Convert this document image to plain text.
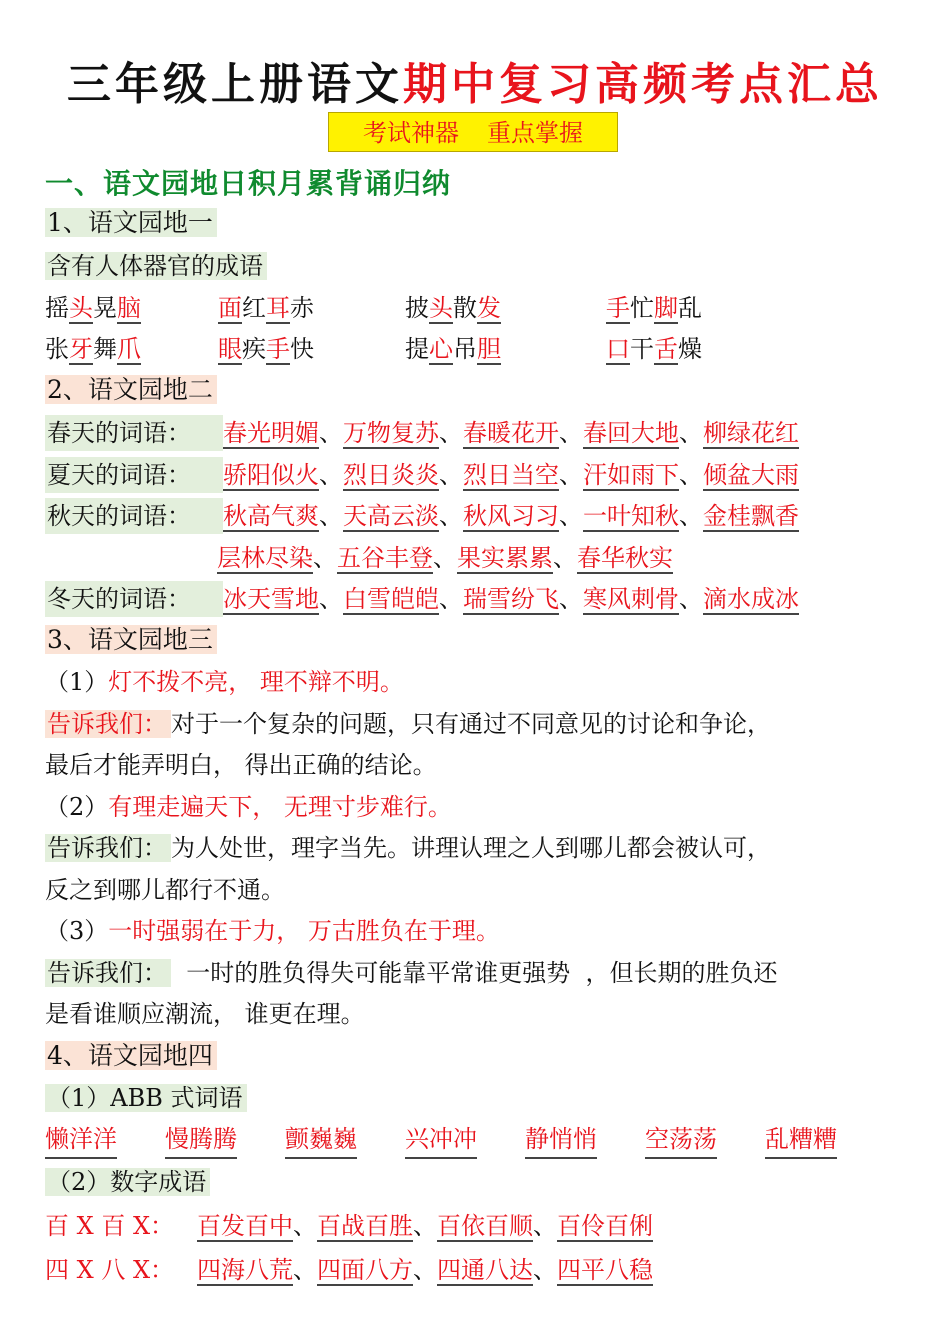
三年级上册语文期中复习高频考点汇总
考试神器 重点掌握
一、语文园地日积月累背诵归纳
1、语文园地一
含有人体器官的成语
摇头晃脑	面红耳赤	披头散发	手忙脚乱
张牙舞爪	眼疾手快	提心吊胆	口干舌燥
2、语文园地二
春天的词语： 春光明媚、万物复苏、春暖花开、春回大地、柳绿花红
夏天的词语： 骄阳似火、烈日炎炎、烈日当空、汗如雨下、倾盆大雨
秋天的词语： 秋高气爽、天高云淡、秋风习习、一叶知秋、金桂飘香
层林尽染、五谷丰登、果实累累、春华秋实
冬天的词语： 冰天雪地、白雪皑皑、瑞雪纷飞、寒风刺骨、滴水成冰
3、语文园地三
（1）灯不拨不亮， 理不辩不明。
告诉我们： 对于一个复杂的问题，只有通过不同意见的讨论和争论，
最后才能弄明白， 得出正确的结论。
（2）有理走遍天下， 无理寸步难行。
告诉我们： 为人处世，理字当先。讲理认理之人到哪儿都会被认可，
反之到哪儿都行不通。
（3）一时强弱在于力， 万古胜负在于理。
告诉我们：  一时的胜负得失可能靠平常谁更强势  ，但长期的胜负还
是看谁顺应潮流， 谁更在理。
4、语文园地四
（1）ABB 式词语
懒洋洋 慢腾腾 颤巍巍 兴冲冲 静悄悄 空荡荡 乱糟糟
（2）数字成语
百 X 百 X： 百发百中、百战百胜、百依百顺、百伶百俐
四 X 八 X： 四海八荒、四面八方、四通八达、四平八稳
